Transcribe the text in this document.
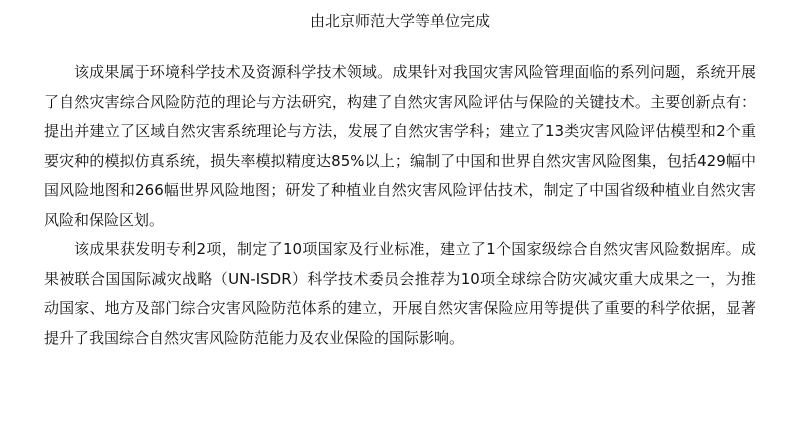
由北京师范大学等单位完成

该成果属于环境科学技术及资源科学技术领域。成果针对我国灾害风险管理面临的系列问题，系统开展了自然灾害综合风险防范的理论与方法研究，构建了自然灾害风险评估与保险的关键技术。主要创新点有：提出并建立了区域自然灾害系统理论与方法，发展了自然灾害学科；建立了13类灾害风险评估模型和2个重要灾种的模拟仿真系统，损失率模拟精度达85%以上；编制了中国和世界自然灾害风险图集，包括429幅中国风险地图和266幅世界风险地图；研发了种植业自然灾害风险评估技术，制定了中国省级种植业自然灾害风险和保险区划。

该成果获发明专利2项，制定了10项国家及行业标准，建立了1个国家级综合自然灾害风险数据库。成果被联合国国际减灾战略（UN-ISDR）科学技术委员会推荐为10项全球综合防灾减灾重大成果之一，为推动国家、地方及部门综合灾害风险防范体系的建立，开展自然灾害保险应用等提供了重要的科学依据，显著提升了我国综合自然灾害风险防范能力及农业保险的国际影响。
